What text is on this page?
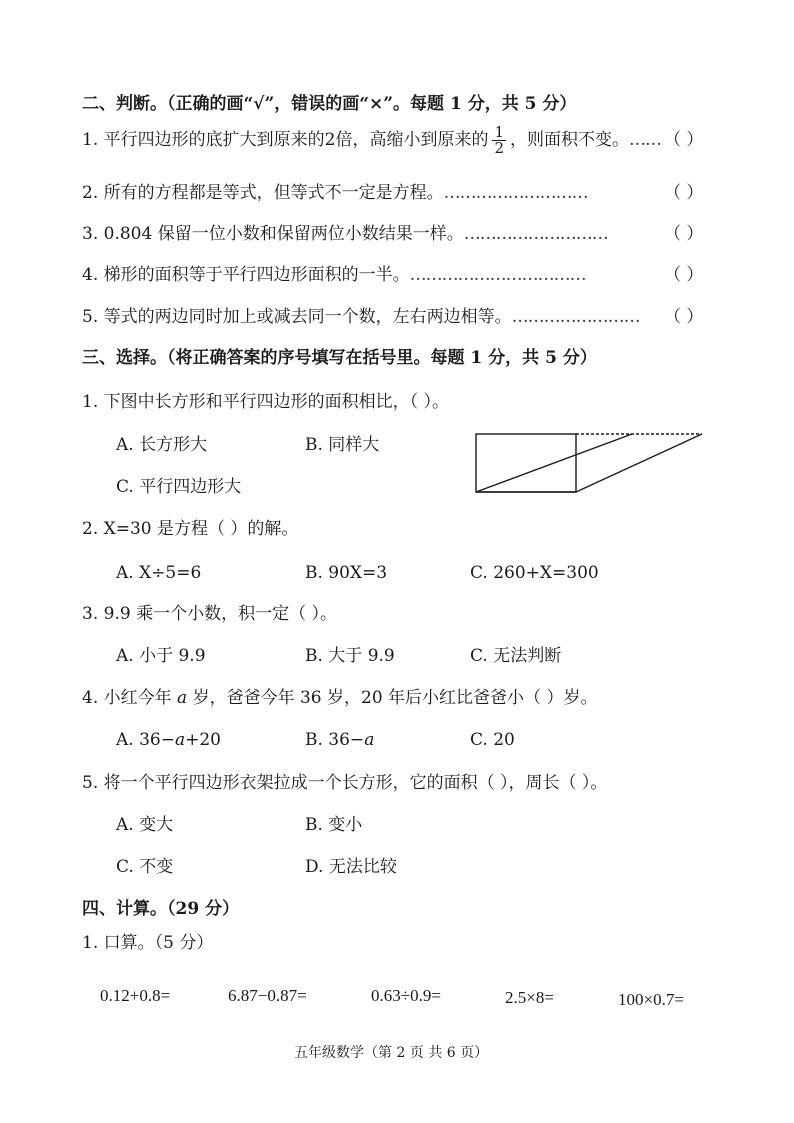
二、判断。（正确的画“√”，错误的画“×”。每题 1 分，共 5 分）
1. 平行四边形的底扩大到原来的2倍，高缩小到原来的 $\frac{1}{2}$ ，则面积不变。…… （ ）
2. 所有的方程都是等式，但等式不一定是方程。………………………	（ ）
3. 0.804 保留一位小数和保留两位小数结果一样。………………………	（ ）
4. 梯形的面积等于平行四边形面积的一半。……………………………	（ ）
5. 等式的两边同时加上或减去同一个数，左右两边相等。…………………… （ ）
三、选择。（将正确答案的序号填写在括号里。每题 1 分，共 5 分）
1. 下图中长方形和平行四边形的面积相比，（ ）。
A. 长方形大	B. 同样大
C. 平行四边形大
2. X=30 是方程（ ）的解。
A. X÷5=6	B. 90X=3	C. 260+X=300
3. 9.9 乘一个小数，积一定（ ）。
A. 小于 9.9	B. 大于 9.9	C. 无法判断
4. 小红今年 a 岁，爸爸今年 36 岁，20 年后小红比爸爸小（ ）岁。
A. 36−a+20	B. 36−a	C. 20
5. 将一个平行四边形衣架拉成一个长方形，它的面积（ ），周长（ ）。
A. 变大	B. 变小
C. 不变	D. 无法比较
四、计算。（29 分）
1. 口算。（5 分）
0.12+0.8=	6.87−0.87=	0.63÷0.9=	2.5×8=	100×0.7=
五年级数学（第 2 页 共 6 页）
